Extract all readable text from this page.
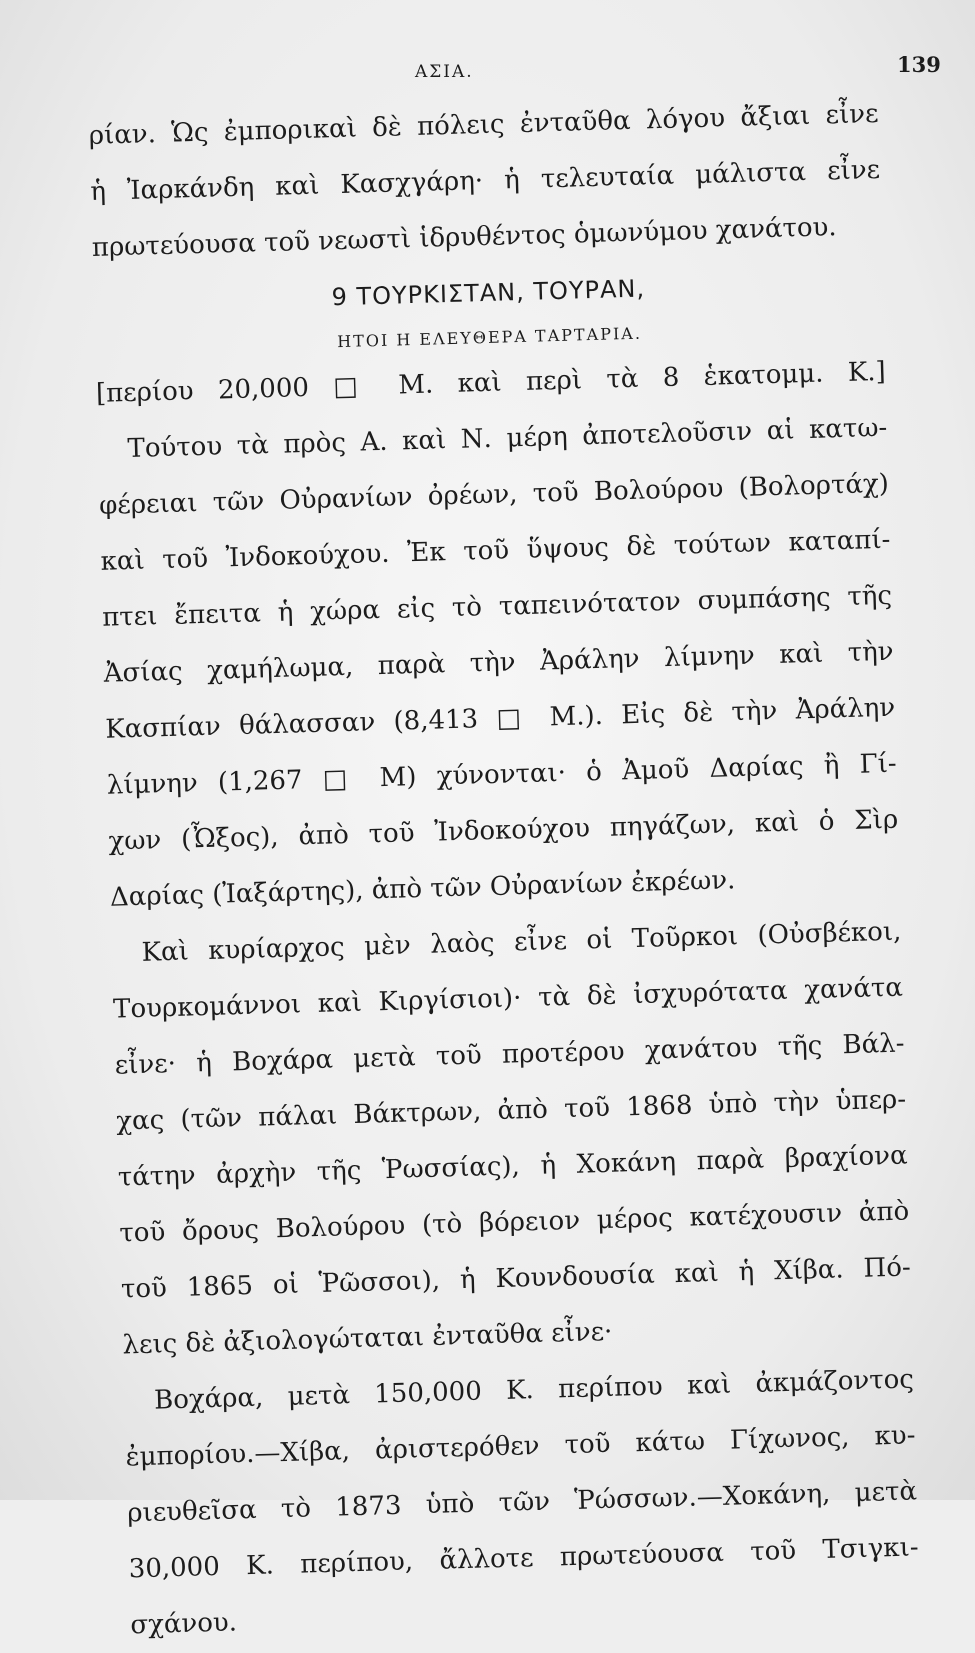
ΑΣΙΑ.	139
ρίαν. Ὡς ἐμπορικαὶ δὲ πόλεις ἐνταῦθα λόγου ἄξιαι εἶνε
ἡ Ἰαρκάνδη καὶ Κασχγάρη· ἡ τελευταία μάλιστα εἶνε
πρωτεύουσα τοῦ νεωστὶ ἱδρυθέντος ὁμωνύμου χανάτου.
9 ΤΟΥΡΚΙΣΤΑΝ, ΤΟΥΡΑΝ,
ΗΤΟΙ Η ΕΛΕΥΘΕΡΑ ΤΑΡΤΑΡΙΑ.
[περίου 20,000 □ Μ. καὶ περὶ τὰ 8 ἑκατομμ. Κ.]
Τούτου τὰ πρὸς Α. καὶ Ν. μέρη ἀποτελοῦσιν αἱ κατω-
φέρειαι τῶν Οὐρανίων ὀρέων, τοῦ Βολούρου (Βολορτάχ)
καὶ τοῦ Ἰνδοκούχου. Ἐκ τοῦ ὕψους δὲ τούτων καταπί-
πτει ἔπειτα ἡ χώρα εἰς τὸ ταπεινότατον συμπάσης τῆς
Ἀσίας χαμήλωμα, παρὰ τὴν Ἀράλην λίμνην καὶ τὴν
Κασπίαν θάλασσαν (8,413 □ Μ.). Εἰς δὲ τὴν Ἀράλην
λίμνην (1,267 □ Μ) χύνονται· ὁ Ἀμοῦ Δαρίας ἢ Γί-
χων (Ὦξος), ἀπὸ τοῦ Ἰνδοκούχου πηγάζων, καὶ ὁ Σὶρ
Δαρίας (Ἰαξάρτης), ἀπὸ τῶν Οὐρανίων ἐκρέων.
Καὶ κυρίαρχος μὲν λαὸς εἶνε οἱ Τοῦρκοι (Οὐσβέκοι,
Τουρκομάννοι καὶ Κιργίσιοι)· τὰ δὲ ἰσχυρότατα χανάτα
εἶνε· ἡ Βοχάρα μετὰ τοῦ προτέρου χανάτου τῆς Βάλ-
χας (τῶν πάλαι Βάκτρων, ἀπὸ τοῦ 1868 ὑπὸ τὴν ὑπερ-
τάτην ἀρχὴν τῆς Ῥωσσίας), ἡ Χοκάνη παρὰ βραχίονα
τοῦ ὄρους Βολούρου (τὸ βόρειον μέρος κατέχουσιν ἀπὸ
τοῦ 1865 οἱ Ῥῶσσοι), ἡ Κουνδουσία καὶ ἡ Χίβα. Πό-
λεις δὲ ἀξιολογώταται ἐνταῦθα εἶνε·
Βοχάρα, μετὰ 150,000 Κ. περίπου καὶ ἀκμάζοντος
ἐμπορίου.—Χίβα, ἀριστερόθεν τοῦ κάτω Γίχωνος, κυ-
ριευθεῖσα τὸ 1873 ὑπὸ τῶν Ῥώσσων.—Χοκάνη, μετὰ
30,000 Κ. περίπου, ἄλλοτε πρωτεύουσα τοῦ Τσιγκι-
σχάνου.
